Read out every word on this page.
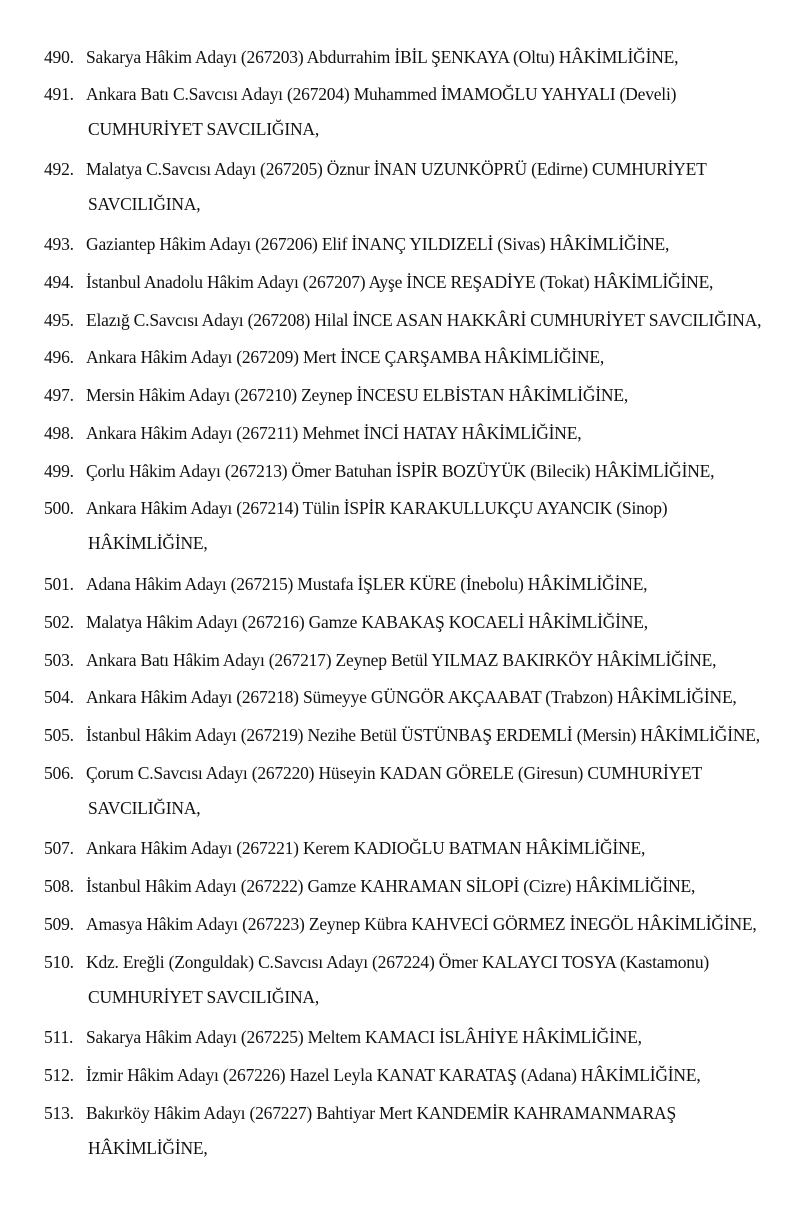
490. Sakarya Hâkim Adayı (267203) Abdurrahim İBİL ŞENKAYA (Oltu) HÂKİMLİĞİNE,
491. Ankara Batı C.Savcısı Adayı (267204) Muhammed İMAMOĞLU YAHYALI (Develi)
CUMHURİYET SAVCILIĞINA,
492. Malatya C.Savcısı Adayı (267205) Öznur İNAN UZUNKÖPRÜ (Edirne) CUMHURİYET
SAVCILIĞINA,
493. Gaziantep Hâkim Adayı (267206) Elif İNANÇ YILDIZELİ (Sivas) HÂKİMLİĞİNE,
494. İstanbul Anadolu Hâkim Adayı (267207) Ayşe İNCE REŞADİYE (Tokat) HÂKİMLİĞİNE,
495. Elazığ C.Savcısı Adayı (267208) Hilal İNCE ASAN HAKKÂRİ CUMHURİYET SAVCILIĞINA,
496. Ankara Hâkim Adayı (267209) Mert İNCE ÇARŞAMBA HÂKİMLİĞİNE,
497. Mersin Hâkim Adayı (267210) Zeynep İNCESU ELBİSTAN HÂKİMLİĞİNE,
498. Ankara Hâkim Adayı (267211) Mehmet İNCİ HATAY HÂKİMLİĞİNE,
499. Çorlu Hâkim Adayı (267213) Ömer Batuhan İSPİR BOZÜYÜK (Bilecik) HÂKİMLİĞİNE,
500. Ankara Hâkim Adayı (267214) Tülin İSPİR KARAKULLUKÇU AYANCIK (Sinop)
HÂKİMLİĞİNE,
501. Adana Hâkim Adayı (267215) Mustafa İŞLER KÜRE (İnebolu) HÂKİMLİĞİNE,
502. Malatya Hâkim Adayı (267216) Gamze KABAKAŞ KOCAELİ HÂKİMLİĞİNE,
503. Ankara Batı Hâkim Adayı (267217) Zeynep Betül YILMAZ BAKIRKÖY HÂKİMLİĞİNE,
504. Ankara Hâkim Adayı (267218) Sümeyye GÜNGÖR AKÇAABAT (Trabzon) HÂKİMLİĞİNE,
505. İstanbul Hâkim Adayı (267219) Nezihe Betül ÜSTÜNBAŞ ERDEMLİ (Mersin) HÂKİMLİĞİNE,
506. Çorum C.Savcısı Adayı (267220) Hüseyin KADAN GÖRELE (Giresun) CUMHURİYET
SAVCILIĞINA,
507. Ankara Hâkim Adayı (267221) Kerem KADIOĞLU BATMAN HÂKİMLİĞİNE,
508. İstanbul Hâkim Adayı (267222) Gamze KAHRAMAN SİLOPİ (Cizre) HÂKİMLİĞİNE,
509. Amasya Hâkim Adayı (267223) Zeynep Kübra KAHVECİ GÖRMEZ İNEGÖL HÂKİMLİĞİNE,
510. Kdz. Ereğli (Zonguldak) C.Savcısı Adayı (267224) Ömer KALAYCI TOSYA (Kastamonu)
CUMHURİYET SAVCILIĞINA,
511. Sakarya Hâkim Adayı (267225) Meltem KAMACI İSLÂHİYE HÂKİMLİĞİNE,
512. İzmir Hâkim Adayı (267226) Hazel Leyla KANAT KARATAŞ (Adana) HÂKİMLİĞİNE,
513. Bakırköy Hâkim Adayı (267227) Bahtiyar Mert KANDEMİR KAHRAMANMARAŞ
HÂKİMLİĞİNE,
